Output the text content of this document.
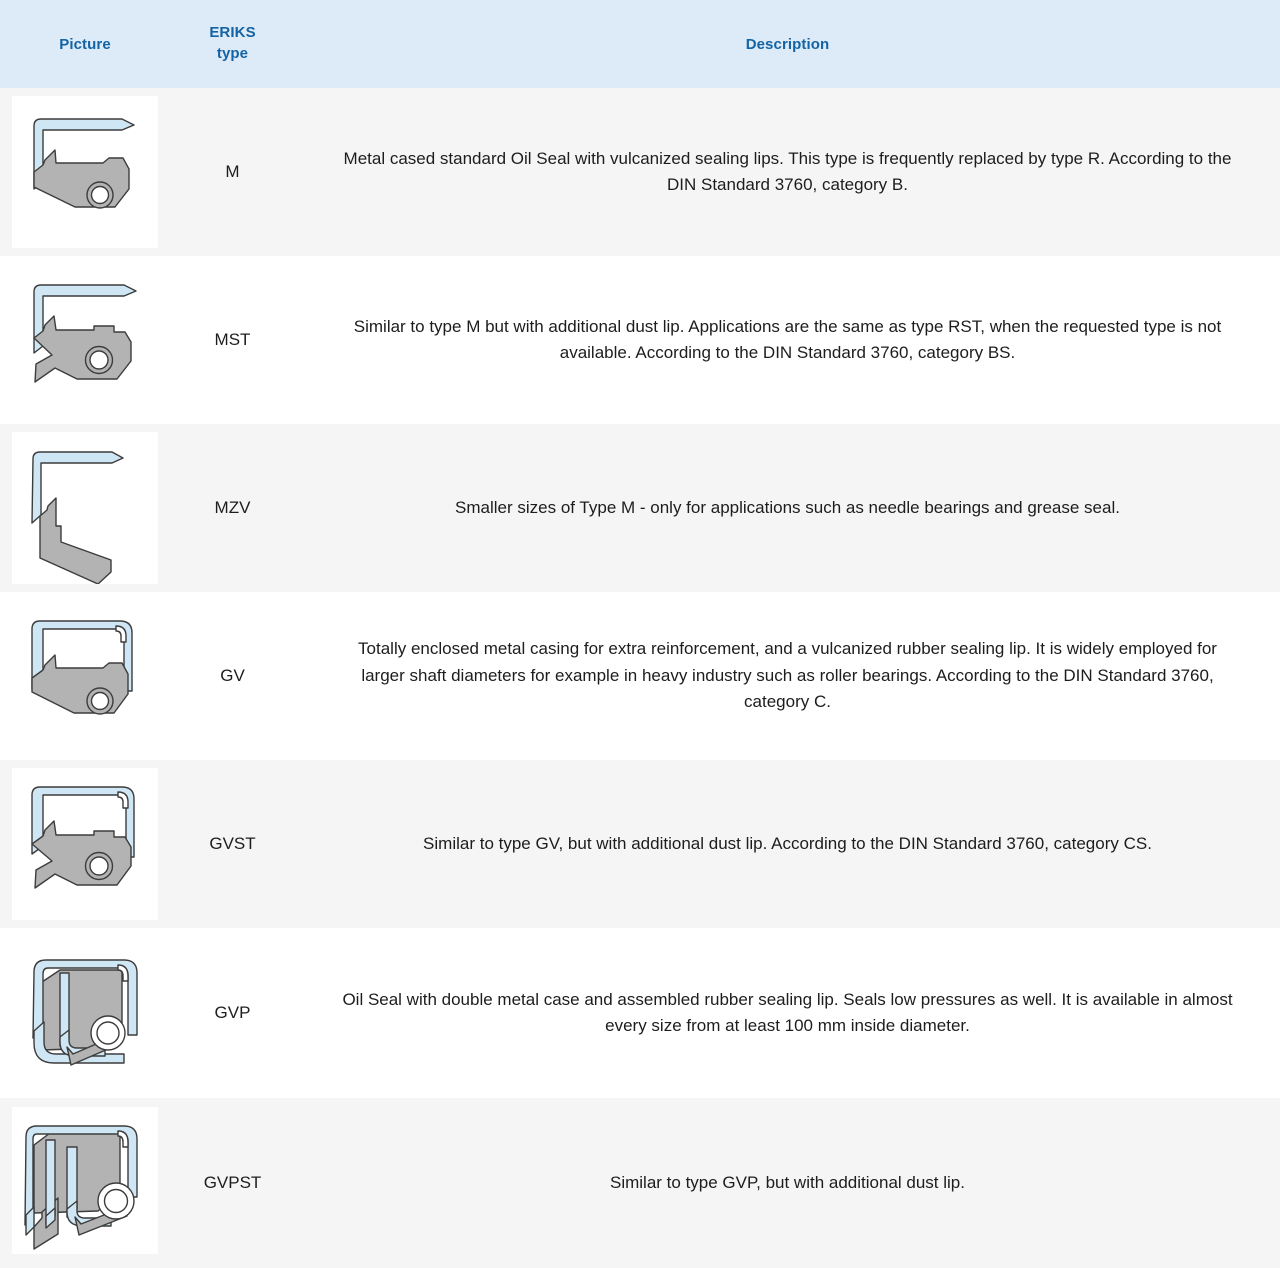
Picture	ERIKS
type	Description

	M	Metal cased standard Oil Seal with vulcanized sealing lips. This type is frequently replaced by type R. According to the DIN Standard 3760, category B.

	MST	Similar to type M but with additional dust lip. Applications are the same as type RST, when the requested type is not available. According to the DIN Standard 3760, category BS.

	MZV	Smaller sizes of Type M - only for applications such as needle bearings and grease seal.

	GV	Totally enclosed metal casing for extra reinforcement, and a vulcanized rubber sealing lip. It is widely employed for larger shaft diameters for example in heavy industry such as roller bearings. According to the DIN Standard 3760, category C.

	GVST	Similar to type GV, but with additional dust lip. According to the DIN Standard 3760, category CS.

	GVP	Oil Seal with double metal case and assembled rubber sealing lip. Seals low pressures as well. It is available in almost every size from at least 100 mm inside diameter.

	GVPST	Similar to type GVP, but with additional dust lip.
